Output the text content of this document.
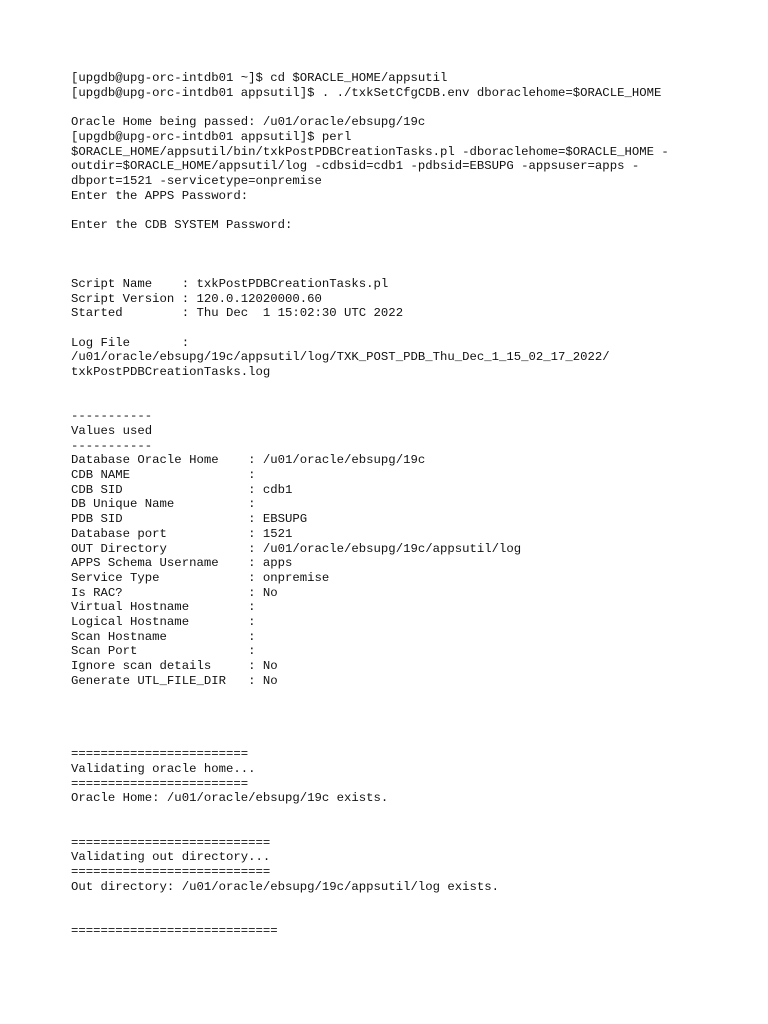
[upgdb@upg-orc-intdb01 ~]$ cd $ORACLE_HOME/appsutil
[upgdb@upg-orc-intdb01 appsutil]$ . ./txkSetCfgCDB.env dboraclehome=$ORACLE_HOME

Oracle Home being passed: /u01/oracle/ebsupg/19c
[upgdb@upg-orc-intdb01 appsutil]$ perl
$ORACLE_HOME/appsutil/bin/txkPostPDBCreationTasks.pl -dboraclehome=$ORACLE_HOME -
outdir=$ORACLE_HOME/appsutil/log -cdbsid=cdb1 -pdbsid=EBSUPG -appsuser=apps -
dbport=1521 -servicetype=onpremise
Enter the APPS Password:

Enter the CDB SYSTEM Password:

Script Name    : txkPostPDBCreationTasks.pl
Script Version : 120.0.12020000.60
Started        : Thu Dec  1 15:02:30 UTC 2022

Log File       :
/u01/oracle/ebsupg/19c/appsutil/log/TXK_POST_PDB_Thu_Dec_1_15_02_17_2022/
txkPostPDBCreationTasks.log

-----------
Values used
-----------
Database Oracle Home    : /u01/oracle/ebsupg/19c
CDB NAME                :
CDB SID                 : cdb1
DB Unique Name          :
PDB SID                 : EBSUPG
Database port           : 1521
OUT Directory           : /u01/oracle/ebsupg/19c/appsutil/log
APPS Schema Username    : apps
Service Type            : onpremise
Is RAC?                 : No
Virtual Hostname        :
Logical Hostname        :
Scan Hostname           :
Scan Port               :
Ignore scan details     : No
Generate UTL_FILE_DIR   : No

========================
Validating oracle home...
========================
Oracle Home: /u01/oracle/ebsupg/19c exists.

===========================
Validating out directory...
===========================
Out directory: /u01/oracle/ebsupg/19c/appsutil/log exists.

============================
